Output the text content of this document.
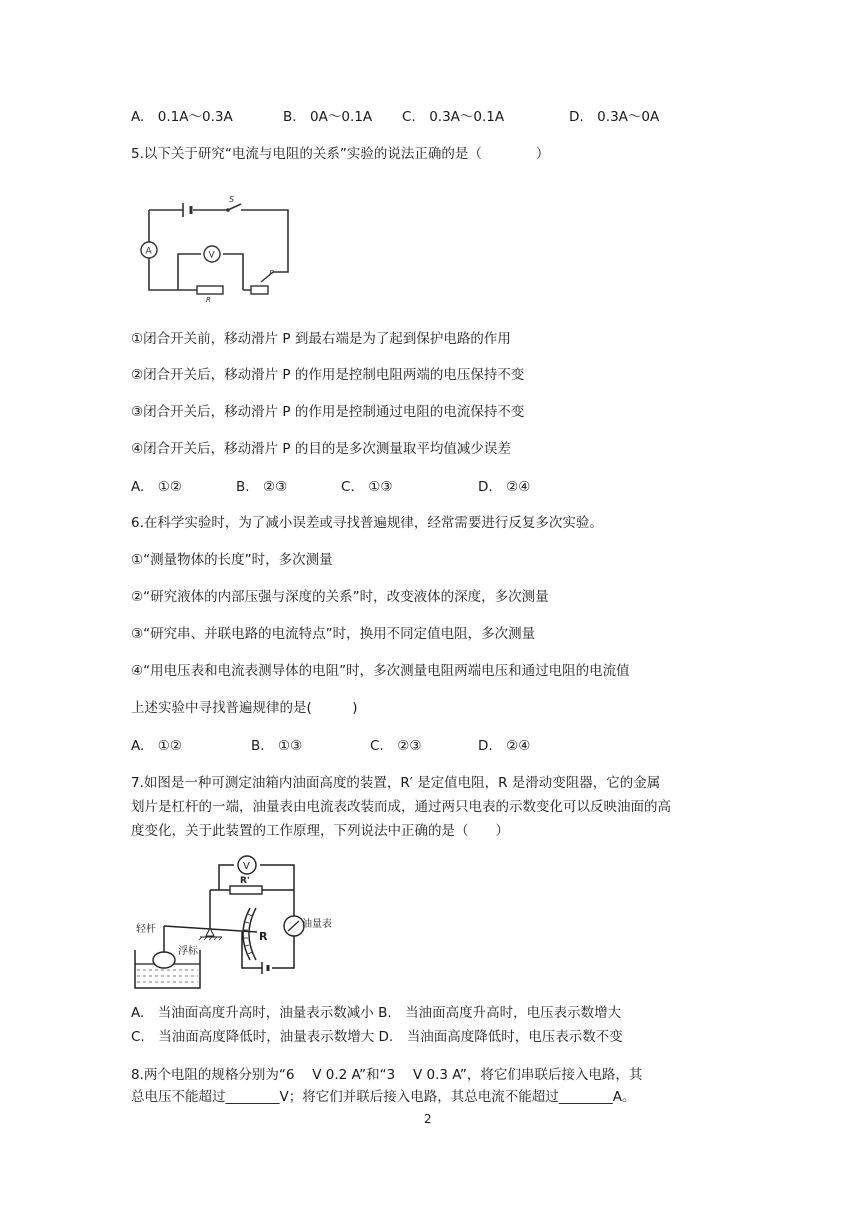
A.　0.1A～0.3A	B.　0A～0.1A C.　0.3A～0.1A	D.　0.3A～0A
5.以下关于研究“电流与电阻的关系”实验的说法正确的是（　　　　）
S
A	V
R
P
①闭合开关前，移动滑片 P 到最右端是为了起到保护电路的作用
②闭合开关后，移动滑片 P 的作用是控制电阻两端的电压保持不变
③闭合开关后，移动滑片 P 的作用是控制通过电阻的电流保持不变
④闭合开关后，移动滑片 P 的目的是多次测量取平均值减少误差
A.　①②	B.　②③	C.　①③	D.　②④
6.在科学实验时，为了减小误差或寻找普遍规律，经常需要进行反复多次实验。
①“测量物体的长度”时，多次测量
②“研究液体的内部压强与深度的关系”时，改变液体的深度，多次测量
③“研究串、并联电路的电流特点”时，换用不同定值电阻，多次测量
④“用电压表和电流表测导体的电阻”时，多次测量电阻两端电压和通过电阻的电流值
上述实验中寻找普遍规律的是(　　　)
A.　①②	B.　①③	C.　②③	D.　②④
7.如图是一种可测定油箱内油面高度的装置，R′ 是定值电阻，R 是滑动变阻器，它的金属
划片是杠杆的一端，油量表由电流表改装而成，通过两只电表的示数变化可以反映油面的高
度变化，关于此装置的工作原理，下列说法中正确的是（　　）
V
R'
R
油量表
浮标
轻杆
A.　当油面高度升高时，油量表示数减小 B.　当油面高度升高时，电压表示数增大
C.　当油面高度降低时，油量表示数增大 D.　当油面高度降低时，电压表示数不变
8.两个电阻的规格分别为“6　 V 0.2 A”和“3　 V 0.3 A”，将它们串联后接入电路，其
总电压不能超过________V；将它们并联后接入电路，其总电流不能超过________A。
2
